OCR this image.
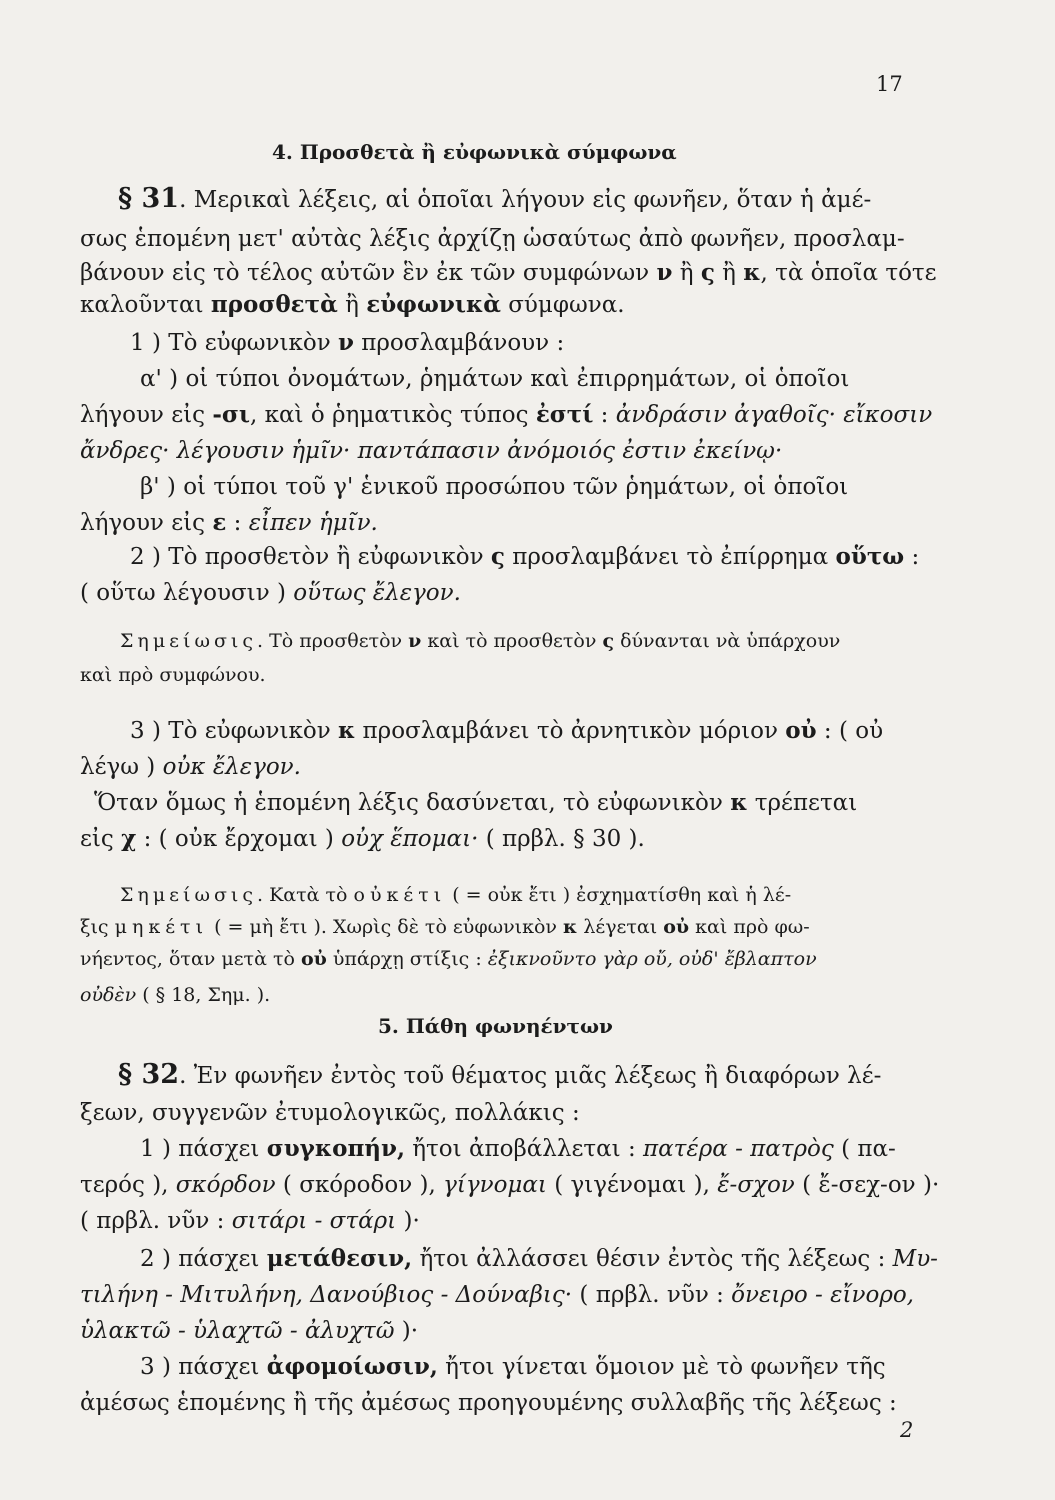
17
4. Προσθετὰ ἢ εὐφωνικὰ σύμφωνα
§ 31. Μερικαὶ λέξεις, αἱ ὁποῖαι λήγουν εἰς φωνῆεν, ὅταν ἡ ἀμέ-
σως ἑπομένη μετ' αὐτὰς λέξις ἀρχίζῃ ὡσαύτως ἀπὸ φωνῆεν, προσλαμ-
βάνουν εἰς τὸ τέλος αὐτῶν ἓν ἐκ τῶν συμφώνων ν ἢ ς ἢ κ, τὰ ὁποῖα τότε
καλοῦνται προσθετὰ ἢ εὐφωνικὰ σύμφωνα.
1 ) Τὸ εὐφωνικὸν ν προσλαμβάνουν :
α' ) οἱ τύποι ὀνομάτων, ῥημάτων καὶ ἐπιρρημάτων, οἱ ὁποῖοι
λήγουν εἰς -σι, καὶ ὁ ῥηματικὸς τύπος ἐστί : ἀνδράσιν ἀγαθοῖς· εἴκοσιν
ἄνδρες· λέγουσιν ἡμῖν· παντάπασιν ἀνόμοιός ἐστιν ἐκείνῳ·
β' ) οἱ τύποι τοῦ γ' ἑνικοῦ προσώπου τῶν ῥημάτων, οἱ ὁποῖοι
λήγουν εἰς ε : εἶπεν ἡμῖν.
2 ) Τὸ προσθετὸν ἢ εὐφωνικὸν ς προσλαμβάνει τὸ ἐπίρρημα οὕτω :
( οὕτω λέγουσιν ) οὕτως ἔλεγον.
Σημείωσις. Τὸ προσθετὸν ν καὶ τὸ προσθετὸν ς δύνανται νὰ ὑπάρχουν
καὶ πρὸ συμφώνου.
3 ) Τὸ εὐφωνικὸν κ προσλαμβάνει τὸ ἀρνητικὸν μόριον οὐ : ( οὐ
λέγω ) οὐκ ἔλεγον.
Ὅταν ὅμως ἡ ἑπομένη λέξις δασύνεται, τὸ εὐφωνικὸν κ τρέπεται
εἰς χ : ( οὐκ ἔρχομαι ) οὐχ ἕπομαι· ( πρβλ. § 30 ).
Σημείωσις. Κατὰ τὸ οὐκέτι ( = οὐκ ἔτι ) ἐσχηματίσθη καὶ ἡ λέ-
ξις μηκέτι ( = μὴ ἔτι ). Χωρὶς δὲ τὸ εὐφωνικὸν κ λέγεται οὐ καὶ πρὸ φω-
νήεντος, ὅταν μετὰ τὸ οὐ ὑπάρχῃ στίξις : ἐξικνοῦντο γὰρ οὔ, οὐδ' ἔβλαπτον
οὐδὲν ( § 18, Σημ. ).
5. Πάθη φωνηέντων
§ 32. Ἐν φωνῆεν ἐντὸς τοῦ θέματος μιᾶς λέξεως ἢ διαφόρων λέ-
ξεων, συγγενῶν ἐτυμολογικῶς, πολλάκις :
1 ) πάσχει συγκοπήν, ἤτοι ἀποβάλλεται : πατέρα - πατρὸς ( πα-
τερός ), σκόρδον ( σκόροδον ), γίγνομαι ( γιγένομαι ), ἔ-σχον ( ἔ-σεχ-ον )·
( πρβλ. νῦν : σιτάρι - στάρι )·
2 ) πάσχει μετάθεσιν, ἤτοι ἀλλάσσει θέσιν ἐντὸς τῆς λέξεως : Μυ-
τιλήνη - Μιτυλήνη, Δανούβιος - Δούναβις· ( πρβλ. νῦν : ὄνειρο - εἴνορο,
ὑλακτῶ - ὑλαχτῶ - ἀλυχτῶ )·
3 ) πάσχει ἀφομοίωσιν, ἤτοι γίνεται ὅμοιον μὲ τὸ φωνῆεν τῆς
ἀμέσως ἑπομένης ἢ τῆς ἀμέσως προηγουμένης συλλαβῆς τῆς λέξεως :
2
